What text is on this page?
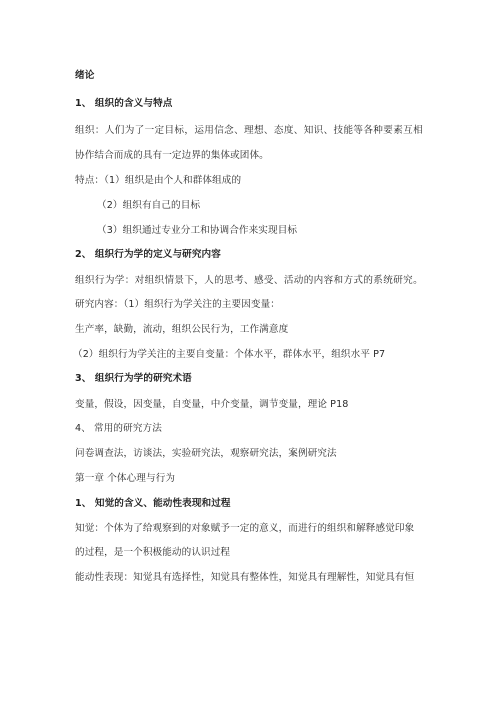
绪论
1、 组织的含义与特点
组织：人们为了一定目标，运用信念、理想、态度、知识、技能等各种要素互相
协作结合而成的具有一定边界的集体或团体。
特点：（1）组织是由个人和群体组成的
（2）组织有自己的目标
（3）组织通过专业分工和协调合作来实现目标
2、 组织行为学的定义与研究内容
组织行为学：对组织情景下，人的思考、感受、活动的内容和方式的系统研究。
研究内容：（1）组织行为学关注的主要因变量：
生产率，缺勤，流动，组织公民行为，工作满意度
（2）组织行为学关注的主要自变量：个体水平，群体水平，组织水平 P7
3、 组织行为学的研究术语
变量，假设，因变量，自变量，中介变量，调节变量，理论 P18
4、 常用的研究方法
问卷调查法，访谈法，实验研究法，观察研究法，案例研究法
第一章 个体心理与行为
1、 知觉的含义、能动性表现和过程
知觉：个体为了给观察到的对象赋予一定的意义，而进行的组织和解释感觉印象
的过程，是一个积极能动的认识过程
能动性表现：知觉具有选择性，知觉具有整体性，知觉具有理解性，知觉具有恒
